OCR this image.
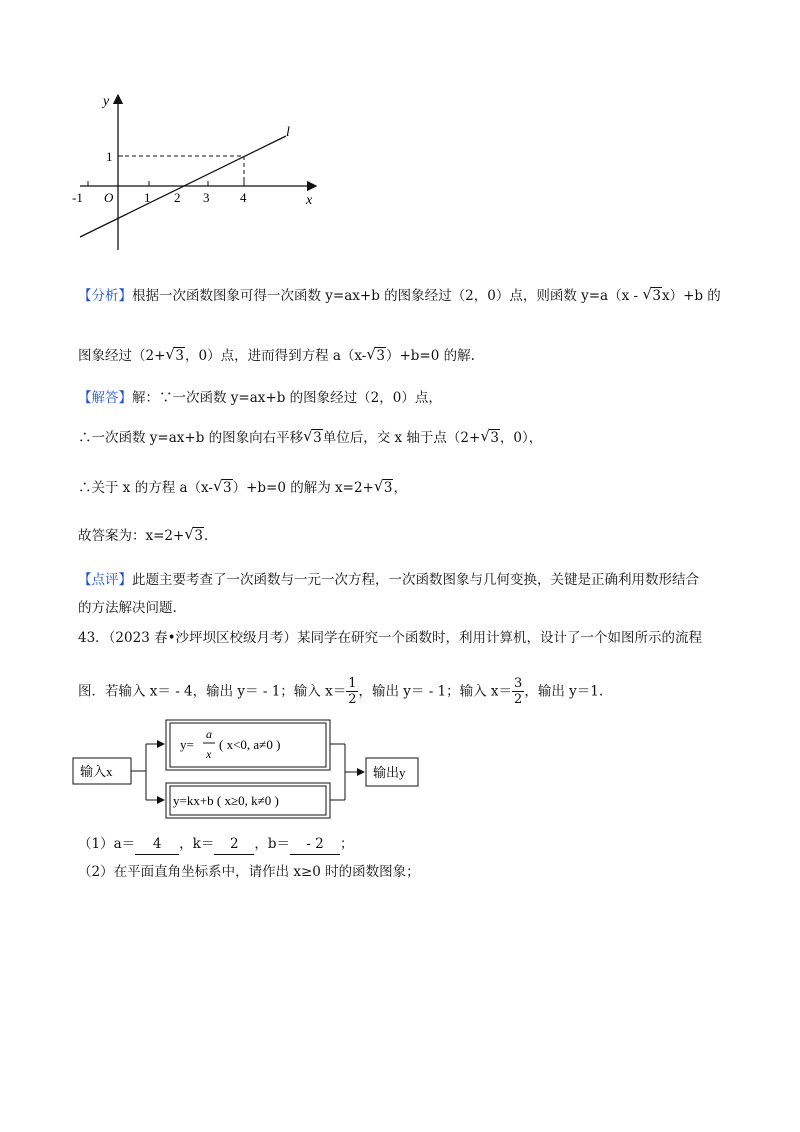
y
x
O
l
1
-1	1 2 3 4
【分析】根据一次函数图象可得一次函数 y=ax+b 的图象经过（2，0）点，则函数 y=a（x - √ 3x）+b 的
图象经过（2+ √ 3，0）点，进而得到方程 a（x- √ 3）+b=0 的解.
【解答】解：∵一次函数 y=ax+b 的图象经过（2，0）点，
∴一次函数 y=ax+b 的图象向右平移 √ 3单位后，交 x 轴于点（2+ √ 3，0），
∴关于 x 的方程 a（x- √ 3）+b=0 的解为 x=2+ √ 3，
故答案为：x=2+ √ 3.
【点评】此题主要考查了一次函数与一元一次方程，一次函数图象与几何变换，关键是正确利用数形结合
的方法解决问题.
43．（2023 春•沙坪坝区校级月考）某同学在研究一个函数时，利用计算机，设计了一个如图所示的流程
图．若输入 x＝ - 4，输出 y＝ - 1；输入 $x= \frac{1}{2}$ ，输出 y＝ - 1；输入 $x= \frac{3}{2}$ ，输出 y＝1.
输入x	输出y
y=
a
x
( x<0, a≠0 )
y=kx+b ( x≥0, k≠0 )
（1）a＝ 4 ，k＝ 2 ，b＝ - 2 ；
（2）在平面直角坐标系中，请作出 x≥0 时的函数图象；
